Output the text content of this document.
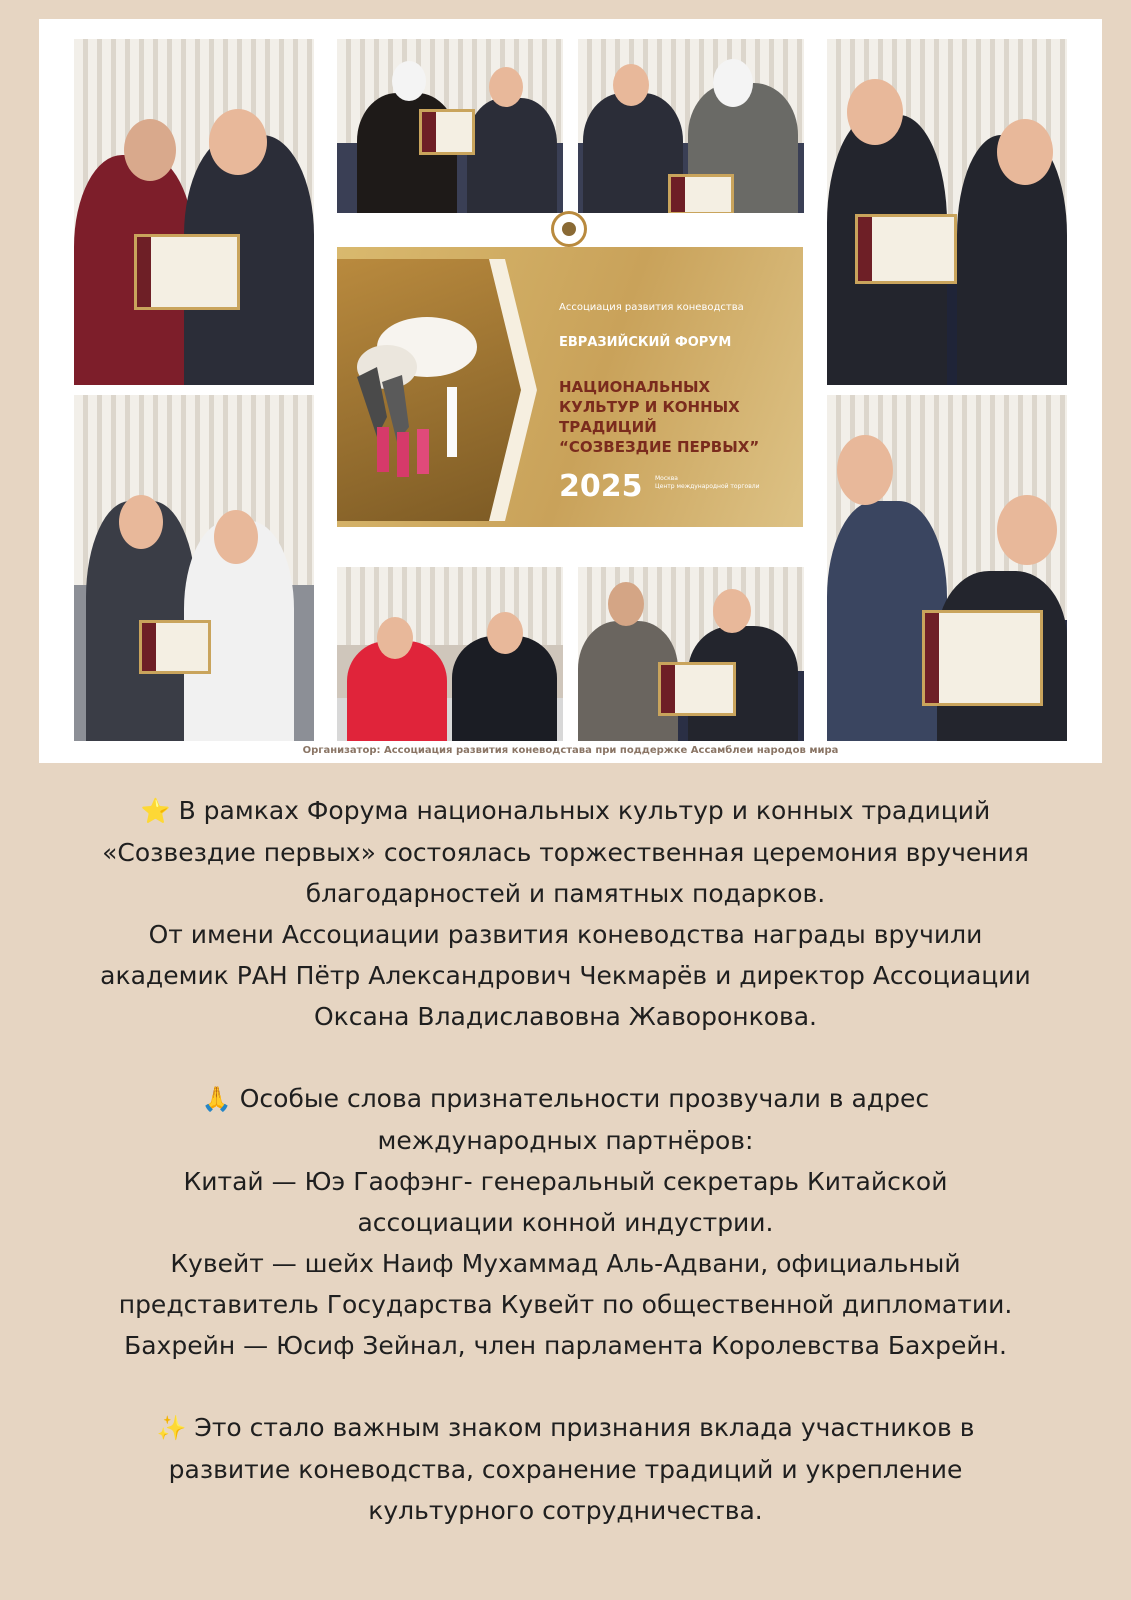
Ассоциация развития коневодства
ЕВРАЗИЙСКИЙ ФОРУМ
НАЦИОНАЛЬНЫХ
КУЛЬТУР И КОННЫХ
ТРАДИЦИЙ
“СОЗВЕЗДИЕ ПЕРВЫХ”
2025 Москва
Центр международной торговли
Организатор: Ассоциация развития коневодстава при поддержке Ассамблеи народов мира

⭐ В рамках Форума национальных культур и конных традиций
«Созвездие первых» состоялась торжественная церемония вручения
благодарностей и памятных подарков.
От имени Ассоциации развития коневодства награды вручили
академик РАН Пётр Александрович Чекмарёв и директор Ассоциации
Оксана Владиславовна Жаворонкова.

🙏 Особые слова признательности прозвучали в адрес
международных партнёров:
Китай — Юэ Гаофэнг- генеральный секретарь Китайской
ассоциации конной индустрии.
Кувейт — шейх Наиф Мухаммад Аль-Адвани, официальный
представитель Государства Кувейт по общественной дипломатии.
Бахрейн — Юсиф Зейнал, член парламента Королевства Бахрейн.

✨ Это стало важным знаком признания вклада участников в
развитие коневодства, сохранение традиций и укрепление
культурного сотрудничества.
